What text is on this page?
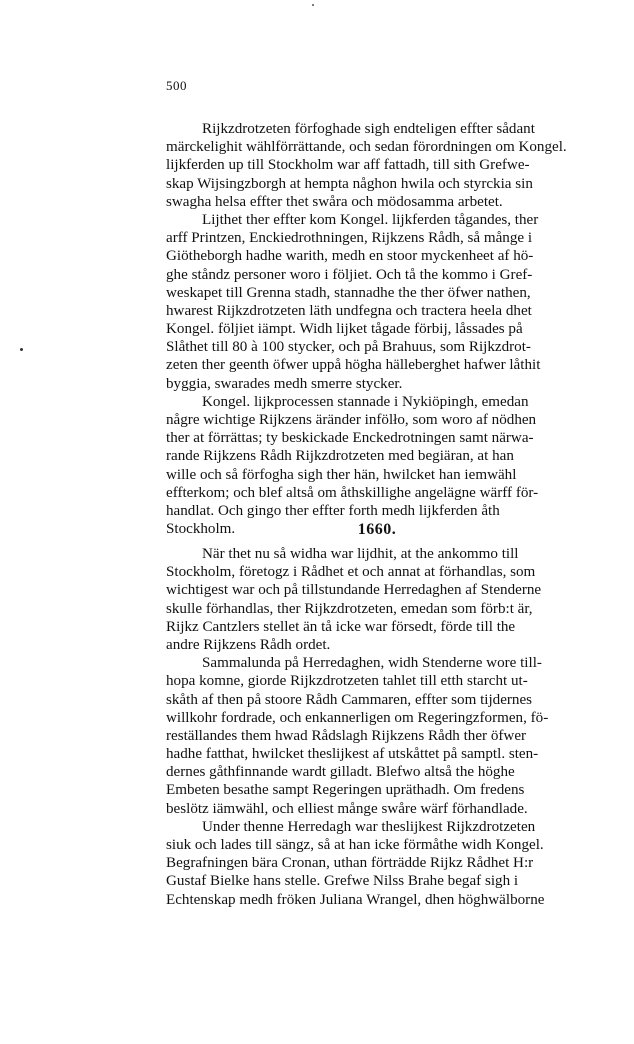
500
Rijkzdrotzeten förfoghade sigh endteligen effter sådant
märckelighit wählförrättande, och sedan förordningen om Kongel.
lijkferden up till Stockholm war aff fattadh, till sith Grefwe-
skap Wijsingzborgh at hempta någhon hwila och styrckia sin
swagha helsa effter thet swåra och mödosamma arbetet.
Lijthet ther effter kom Kongel. lijkferden tågandes, ther
arff Printzen, Enckiedrothningen, Rijkzens Rådh, så månge i
Giötheborgh hadhe warith, medh en stoor myckenheet af hö-
ghe ståndz personer woro i följiet. Och tå the kommo i Gref-
weskapet till Grenna stadh, stannadhe the ther öfwer nathen,
hwarest Rijkzdrotzeten läth undfegna och tractera heela dhet
Kongel. följiet iämpt. Widh lijket tågade förbij, låssades på
Slåthet till 80 à 100 stycker, och på Brahuus, som Rijkzdrot-
zeten ther geenth öfwer uppå högha hälleberghet hafwer låthit
byggia, swarades medh smerre stycker.
Kongel. lijkprocessen stannade i Nykiöpingh, emedan
någre wichtige Rijkzens äränder infölło, som woro af nödhen
ther at förrättas; ty beskickade Enckedrotningen samt närwa-
rande Rijkzens Rådh Rijkzdrotzeten med begiäran, at han
wille och så förfogha sigh ther hän, hwilcket han iemwähl
effterkom; och blef altså om åthskillighe angelägne wärff för-
handlat. Och gingo ther effter forth medh lijkferden åth
Stockholm.	1660.
När thet nu så widha war lijdhit, at the ankommo till
Stockholm, företogz i Rådhet et och annat at förhandlas, som
wichtigest war och på tillstundande Herredaghen af Stenderne
skulle förhandlas, ther Rijkzdrotzeten, emedan som förb:t är,
Rijkz Cantzlers stellet än tå icke war försedt, förde till the
andre Rijkzens Rådh ordet.
Sammalunda på Herredaghen, widh Stenderne wore till-
hopa komne, giorde Rijkzdrotzeten tahlet till etth starcht ut-
skåth af then på stoore Rådh Cammaren, effter som tijdernes
willkohr fordrade, och enkannerligen om Regeringzformen, fö-
reställandes them hwad Rådslagh Rijkzens Rådh ther öfwer
hadhe fatthat, hwilcket theslijkest af utskåttet på samptl. sten-
dernes gåthfinnande wardt gilladt. Blefwo altså the höghe
Embeten besathe sampt Regeringen upräthadh. Om fredens
beslötz iämwähl, och elliest månge swåre wärf förhandlade.
Under thenne Herredagh war theslijkest Rijkzdrotzeten
siuk och lades till sängz, så at han icke förmåthe widh Kongel.
Begrafningen bära Cronan, uthan förträdde Rijkz Rådhet H:r
Gustaf Bielke hans stelle. Grefwe Nilss Brahe begaf sigh i
Echtenskap medh fröken Juliana Wrangel, dhen höghwälborne
